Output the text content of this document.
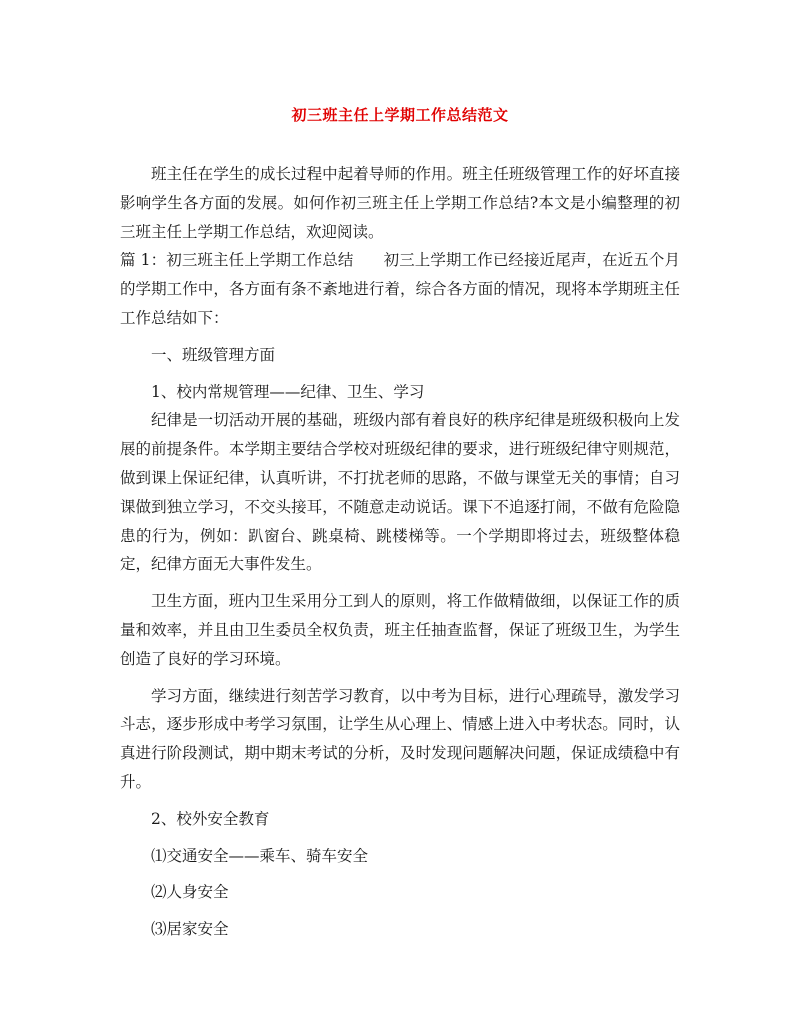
初三班主任上学期工作总结范文

班主任在学生的成长过程中起着导师的作用。班主任班级管理工作的好坏直接影响学生各方面的发展。如何作初三班主任上学期工作总结?本文是小编整理的初三班主任上学期工作总结，欢迎阅读。

篇 1：初三班主任上学期工作总结 初三上学期工作已经接近尾声，在近五个月的学期工作中，各方面有条不紊地进行着，综合各方面的情况，现将本学期班主任工作总结如下：

一、班级管理方面

1、校内常规管理——纪律、卫生、学习

纪律是一切活动开展的基础，班级内部有着良好的秩序纪律是班级积极向上发展的前提条件。本学期主要结合学校对班级纪律的要求，进行班级纪律守则规范，做到课上保证纪律，认真听讲，不打扰老师的思路，不做与课堂无关的事情；自习课做到独立学习，不交头接耳，不随意走动说话。课下不追逐打闹，不做有危险隐患的行为，例如：趴窗台、跳桌椅、跳楼梯等。一个学期即将过去，班级整体稳定，纪律方面无大事件发生。

卫生方面，班内卫生采用分工到人的原则，将工作做精做细，以保证工作的质量和效率，并且由卫生委员全权负责，班主任抽查监督，保证了班级卫生，为学生创造了良好的学习环境。

学习方面，继续进行刻苦学习教育，以中考为目标，进行心理疏导，激发学习斗志，逐步形成中考学习氛围，让学生从心理上、情感上进入中考状态。同时，认真进行阶段测试，期中期末考试的分析，及时发现问题解决问题，保证成绩稳中有升。

2、校外安全教育

⑴交通安全——乘车、骑车安全

⑵人身安全

⑶居家安全
